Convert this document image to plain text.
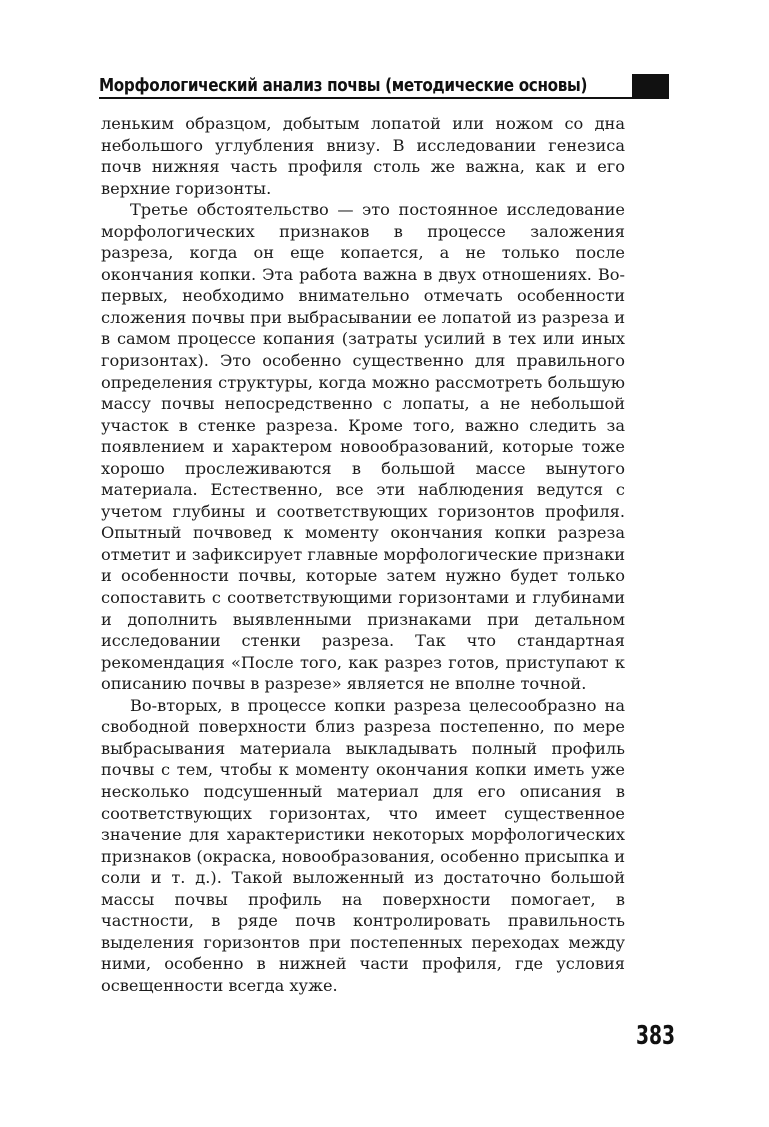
Морфологический анализ почвы (методические основы)

леньким образцом, добытым лопатой или ножом со дна небольшого углубления внизу. В исследовании генезиса почв нижняя часть профиля столь же важна, как и его верхние горизонты.

Третье обстоятельство — это постоянное исследование морфологических признаков в процессе заложения разреза, когда он еще копается, а не только после окончания копки. Эта работа важна в двух отношениях. Во-первых, необходимо внимательно отмечать особенности сложения почвы при выбрасывании ее лопатой из разреза и в самом процессе копания (затраты усилий в тех или иных горизонтах). Это особенно существенно для правильного определения структуры, когда можно рассмотреть большую массу почвы непосредственно с лопаты, а не небольшой участок в стенке разреза. Кроме того, важно следить за появлением и характером новообразований, которые тоже хорошо прослеживаются в большой массе вынутого материала. Естественно, все эти наблюдения ведутся с учетом глубины и соответствующих горизонтов профиля. Опытный почвовед к моменту окончания копки разреза отметит и зафиксирует главные морфологические признаки и особенности почвы, которые затем нужно будет только сопоставить с соответствующими горизонтами и глубинами и дополнить выявленными признаками при детальном исследовании стенки разреза. Так что стандартная рекомендация «После того, как разрез готов, приступают к описанию почвы в разрезе» является не вполне точной.

Во-вторых, в процессе копки разреза целесообразно на свободной поверхности близ разреза постепенно, по мере выбрасывания материала выкладывать полный профиль почвы с тем, чтобы к моменту окончания копки иметь уже несколько подсушенный материал для его описания в соответствующих горизонтах, что имеет существенное значение для характеристики некоторых морфологических признаков (окраска, новообразования, особенно присыпка и соли и т. д.). Такой выложенный из достаточно большой массы почвы профиль на поверхности помогает, в частности, в ряде почв контролировать правильность выделения горизонтов при постепенных переходах между ними, особенно в нижней части профиля, где условия освещенности всегда хуже.

383
